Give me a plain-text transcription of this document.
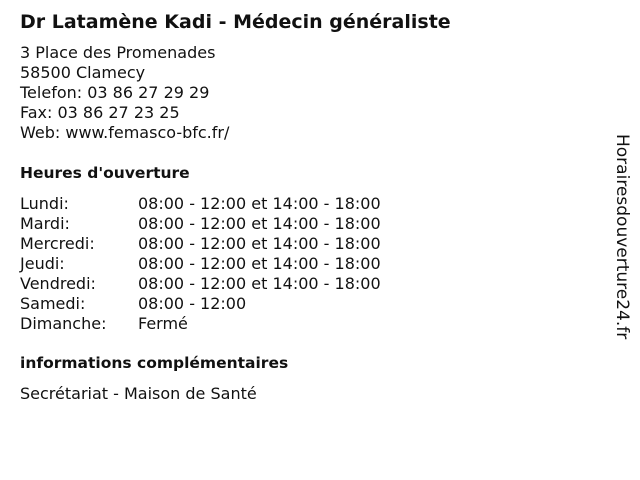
Dr Latamène Kadi - Médecin généraliste
3 Place des Promenades
58500 Clamecy
Telefon: 03 86 27 29 29
Fax: 03 86 27 23 25
Web: www.femasco-bfc.fr/
Heures d'ouverture
Lundi:	08:00 - 12:00 et 14:00 - 18:00
Mardi:	08:00 - 12:00 et 14:00 - 18:00
Mercredi:	08:00 - 12:00 et 14:00 - 18:00
Jeudi:	08:00 - 12:00 et 14:00 - 18:00
Vendredi:	08:00 - 12:00 et 14:00 - 18:00
Samedi:	08:00 - 12:00
Dimanche: Fermé
informations complémentaires
Secrétariat - Maison de Santé
Horairesdouverture24.fr
